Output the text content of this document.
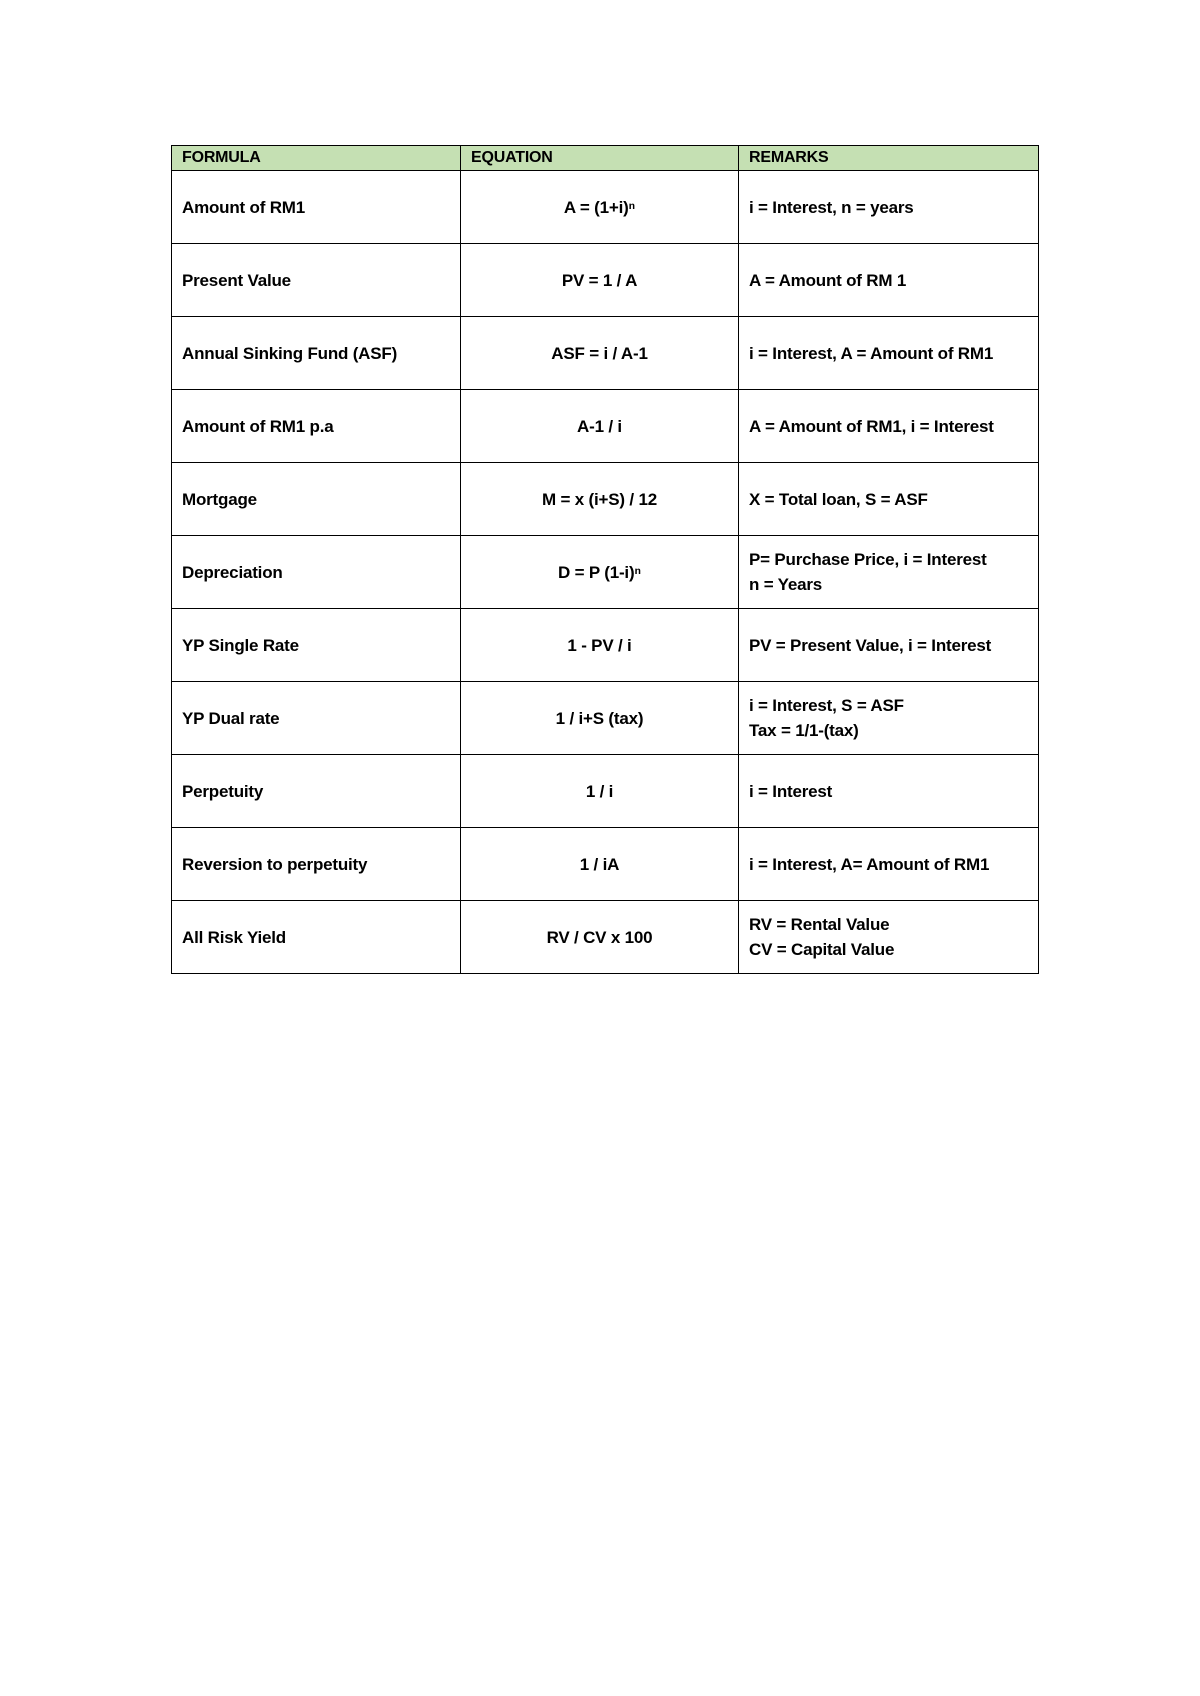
FORMULA	EQUATION	REMARKS
Amount of RM1	A = (1+i)ⁿ	i = Interest, n = years

Present Value	PV = 1 / A	A = Amount of RM 1

Annual Sinking Fund (ASF)	ASF = i / A-1	i = Interest, A = Amount of RM1

Amount of RM1 p.a	A-1 / i	A = Amount of RM1, i = Interest

Mortgage	M = x (i+S) / 12	X = Total loan, S = ASF

Depreciation	D = P (1-i)ⁿ	P= Purchase Price, i = Interest
n = Years

YP Single Rate	1 - PV / i	PV = Present Value, i = Interest

YP Dual rate	1 / i+S (tax)	i = Interest, S = ASF
Tax = 1/1-(tax)

Perpetuity	1 / i	i = Interest

Reversion to perpetuity	1 / iA	i = Interest, A= Amount of RM1

All Risk Yield	RV / CV x 100	RV = Rental Value
CV = Capital Value
